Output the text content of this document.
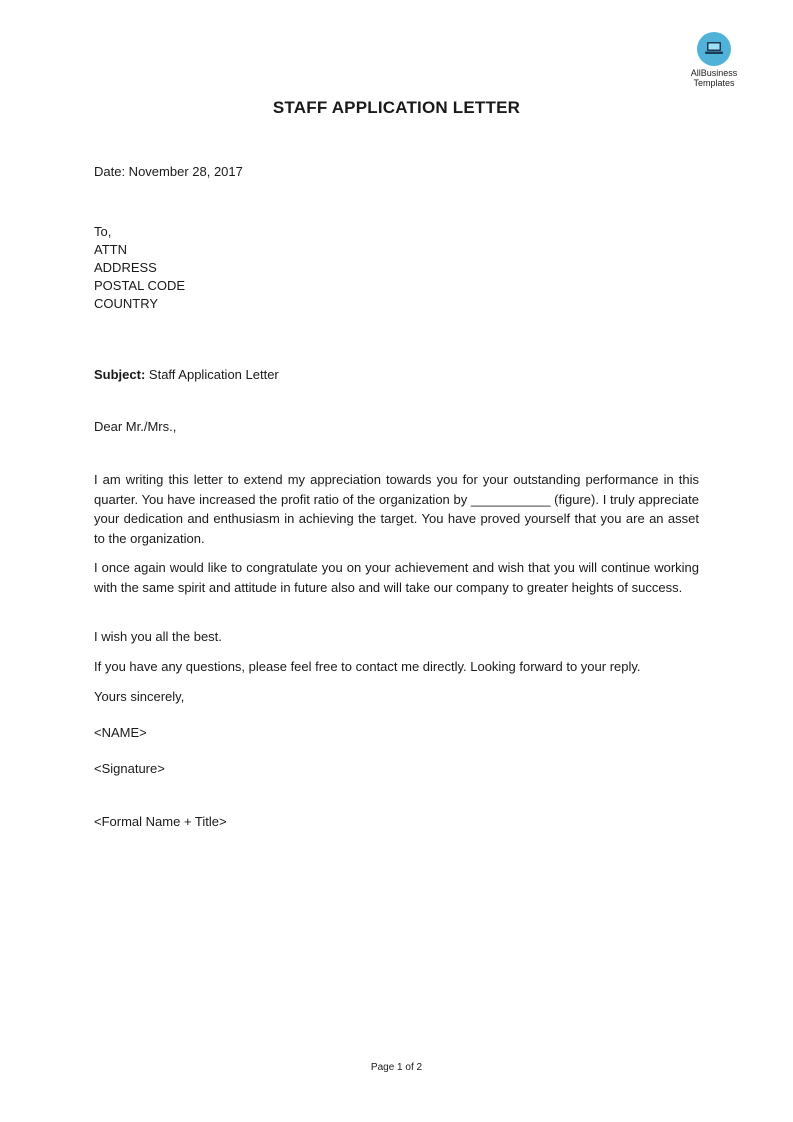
AllBusiness
Templates
STAFF APPLICATION LETTER

Date: November 28, 2017

To,

ATTN

ADDRESS

POSTAL CODE

COUNTRY

Subject: Staff Application Letter

Dear Mr./Mrs.,

I am writing this letter to extend my appreciation towards you for your outstanding performance in this quarter. You have increased the profit ratio of the organization by ___________ (figure). I truly appreciate your dedication and enthusiasm in achieving the target. You have proved yourself that you are an asset to the organization.

I once again would like to congratulate you on your achievement and wish that you will continue working with the same spirit and attitude in future also and will take our company to greater heights of success.

I wish you all the best.

If you have any questions, please feel free to contact me directly. Looking forward to your reply.

Yours sincerely,

<NAME>

<Signature>

<Formal Name + Title>

Page 1 of 2
